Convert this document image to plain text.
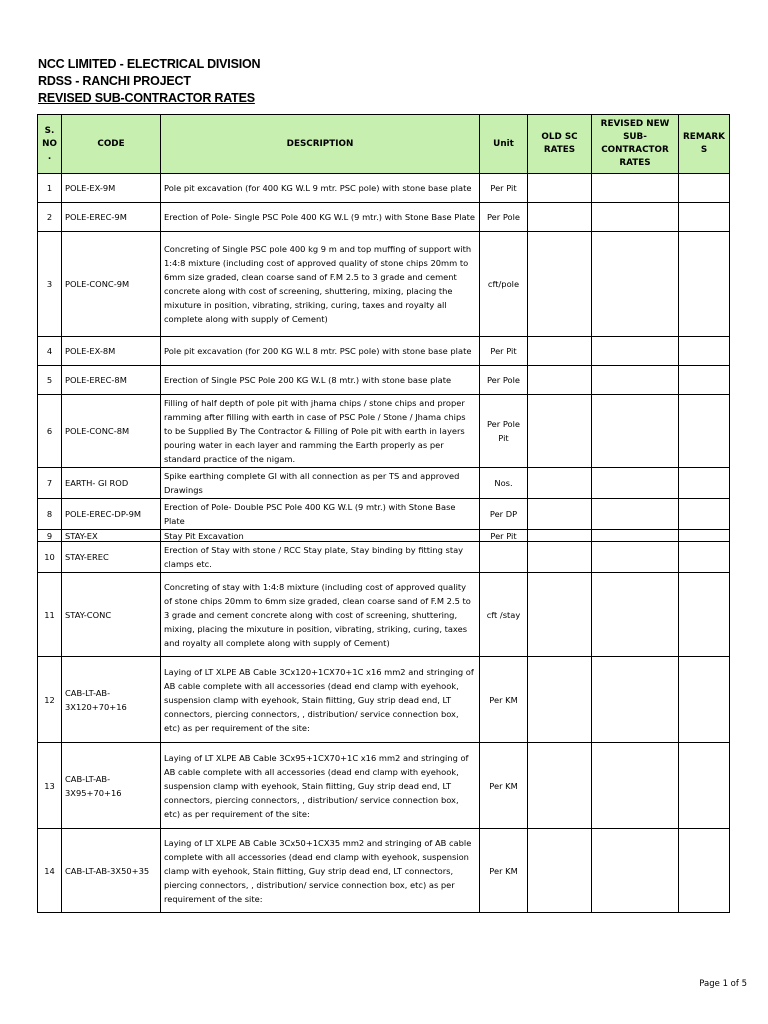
NCC LIMITED - ELECTRICAL DIVISION
RDSS - RANCHI PROJECT
REVISED SUB-CONTRACTOR RATES
S. NO.	CODE	DESCRIPTION	Unit	OLD SC RATES	REVISED NEW SUB-CONTRACTOR RATES	REMARKS
1	POLE-EX-9M	Pole pit excavation (for 400 KG W.L 9 mtr. PSC pole) with stone base plate	Per Pit			
2	POLE-EREC-9M	Erection of Pole- Single PSC Pole 400 KG W.L (9 mtr.) with Stone Base Plate	Per Pole			
3	POLE-CONC-9M	Concreting of Single PSC pole 400 kg 9 m and top muffing of support with 1:4:8 mixture (including cost of approved quality of stone chips 20mm to 6mm size graded, clean coarse sand of F.M 2.5 to 3 grade and cement concrete along with cost of screening, shuttering, mixing, placing the mixuture in position, vibrating, striking, curing, taxes and royalty all complete along with supply of Cement)	cft/pole			
4	POLE-EX-8M	Pole pit excavation (for 200 KG W.L 8 mtr. PSC pole) with stone base plate	Per Pit			
5	POLE-EREC-8M	Erection of Single PSC Pole 200 KG W.L (8 mtr.) with stone base plate	Per Pole			
6	POLE-CONC-8M	Filling of half depth of pole pit with jhama chips / stone chips and proper ramming after filling with earth in case of PSC Pole / Stone / Jhama chips to be Supplied By The Contractor & Filling of Pole pit with earth in layers pouring water in each layer and ramming the Earth properly as per standard practice of the nigam.	Per Pole Pit			
7	EARTH- GI ROD	Spike earthing complete GI with all connection as per TS and approved Drawings	Nos.			
8	POLE-EREC-DP-9M	Erection of Pole- Double PSC Pole 400 KG W.L (9 mtr.) with Stone Base Plate	Per DP			
9	STAY-EX	Stay Pit Excavation	Per Pit			
10	STAY-EREC	Erection of Stay with stone / RCC Stay plate, Stay binding by fitting stay clamps etc.				
11	STAY-CONC	Concreting of stay with 1:4:8 mixture (including cost of approved quality of stone chips 20mm to 6mm size graded, clean coarse sand of F.M 2.5 to 3 grade and cement concrete along with cost of screening, shuttering, mixing, placing the mixuture in position, vibrating, striking, curing, taxes and royalty all complete along with supply of Cement)	cft /stay			
12	CAB-LT-AB-3X120+70+16	Laying of LT XLPE AB Cable 3Cx120+1CX70+1C x16 mm2 and stringing of AB cable complete with all accessories (dead end clamp with eyehook, suspension clamp with eyehook, Stain fiitting, Guy strip dead end, LT connectors, piercing connectors, , distribution/ service connection box, etc) as per requirement of the site:	Per KM			
13	CAB-LT-AB-3X95+70+16	Laying of LT XLPE AB Cable 3Cx95+1CX70+1C x16 mm2 and stringing of AB cable complete with all accessories (dead end clamp with eyehook, suspension clamp with eyehook, Stain fiitting, Guy strip dead end, LT connectors, piercing connectors, , distribution/ service connection box, etc) as per requirement of the site:	Per KM			
14	CAB-LT-AB-3X50+35	Laying of LT XLPE AB Cable 3Cx50+1CX35 mm2 and stringing of AB cable complete with all accessories (dead end clamp with eyehook, suspension clamp with eyehook, Stain fiitting, Guy strip dead end, LT connectors, piercing connectors, , distribution/ service connection box, etc) as per requirement of the site:	Per KM			
Page 1 of 5
